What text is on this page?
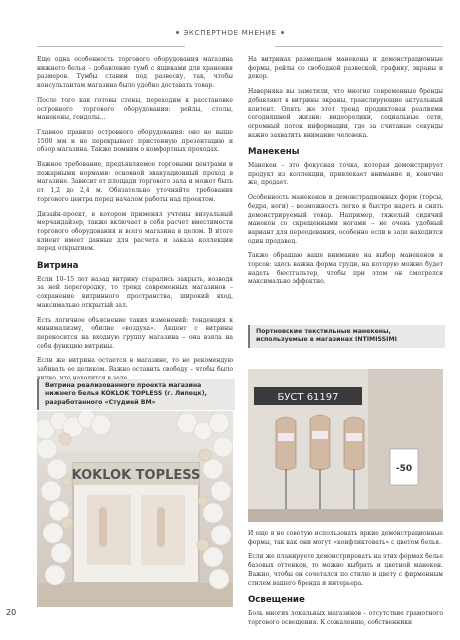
ЭКСПЕРТНОЕ МНЕНИЕ

Еще одна особенность торгового оборудования магазина нижнего белья – добавление тумб с ящиками для хранения размеров. Тумбы ставим под развеску, так, чтобы консультантам магазина было удобно доставать товар.

После того как готовы стены, переходим к расстановке островного торгового оборудования: рейлы, столы, манекены, гондолы...

Главное правило островного оборудования: оно не выше 1500 мм и не перекрывает пристенную презентацию и обзор магазина. Также помним о комфортных проходах.

Важное требование, предъявляемое торговыми центрами и пожарными нормами: основной эвакуационный проход в магазине. Зависит от площади торгового зала и может быть от 1,2 до 2,4 м. Обязательно уточняйте требования торгового центра перед началом работы над проектом.

Дизайн-проект, в котором применял учтены визуальный мерчандайзер, также включает в себя расчет вместимости торгового оборудования и всего магазина в целом. В итоге клиент имеет данные для расчета и заказа коллекции перед открытием.

Витрина

Если 10–15 лет назад витрину старались закрыть, возводя за ней перегородку, то тренд современных магазинов – сохранение витринного пространства, широкий вход, максимально открытый зал.

Есть логичное объяснение таких изменений: тенденция к минимализму, обилие «воздуха». Акцент с витрины переносится на входную группу магазина – она взяла на себя функцию витрины.

Если же витрина остается в магазине, то не рекомендую забивать ее целиком. Важно оставить свободу – чтобы было

Витрина реализованного проекта магазина нижнего белья KOKLOK TOPLESS (г. Липецк), разработанного «Студией ВМ»
KOKLOK TOPLESS

На витринах размещаем манекены и демонстрационные формы, рейлы со свободной развеской, графику, экраны и декор.

Наверняка вы заметили, что многие современные бренды добавляют в витрины экраны, транслирующие актуальный контент. Опять же этот тренд продиктован реалиями сегодняшней жизни: видеоролики, социальные сети, огромный поток информации, где за считаные секунды важно захватить внимание человека.

Манекены

Манекен – это фокусная точка, которая демонстрирует продукт из коллекции, привлекает внимание и, конечно же, продает.

Особенность манекенов и демонстрационных форм (торсы, бедра, ноги) – возможность легко и быстро надеть и снять демонстрируемый товар. Например, тяжелый сидячий манекен со скрещенными ногами – не очень удобный вариант для переодевания, особенно если в зале находится один продавец.

Также обращаю ваше внимание на выбор манекенов и торсов: здесь важна форма груди, на которую можно будет надеть бюстгальтер, чтобы при этом он смотрелся максимально эффектно.

Портновские текстильные манекены, используемые в магазинах INTIMISSIMI
БУСТ 61197
-50

И еще я не советую использовать яркие демонстрационные формы, так как они могут «конфликтовать» с цветом белья.

Если же планируете демонстрировать на этих формах белье базовых оттенков, то можно выбрать и цветной манекен. Важно, чтобы он сочетался по стилю и цвету с фирменным стилем вашего бренда и интерьера.

Освещение

Боль многих локальных магазинов – отсутствие грамотного торгового освещения. К сожалению, собственники

20
